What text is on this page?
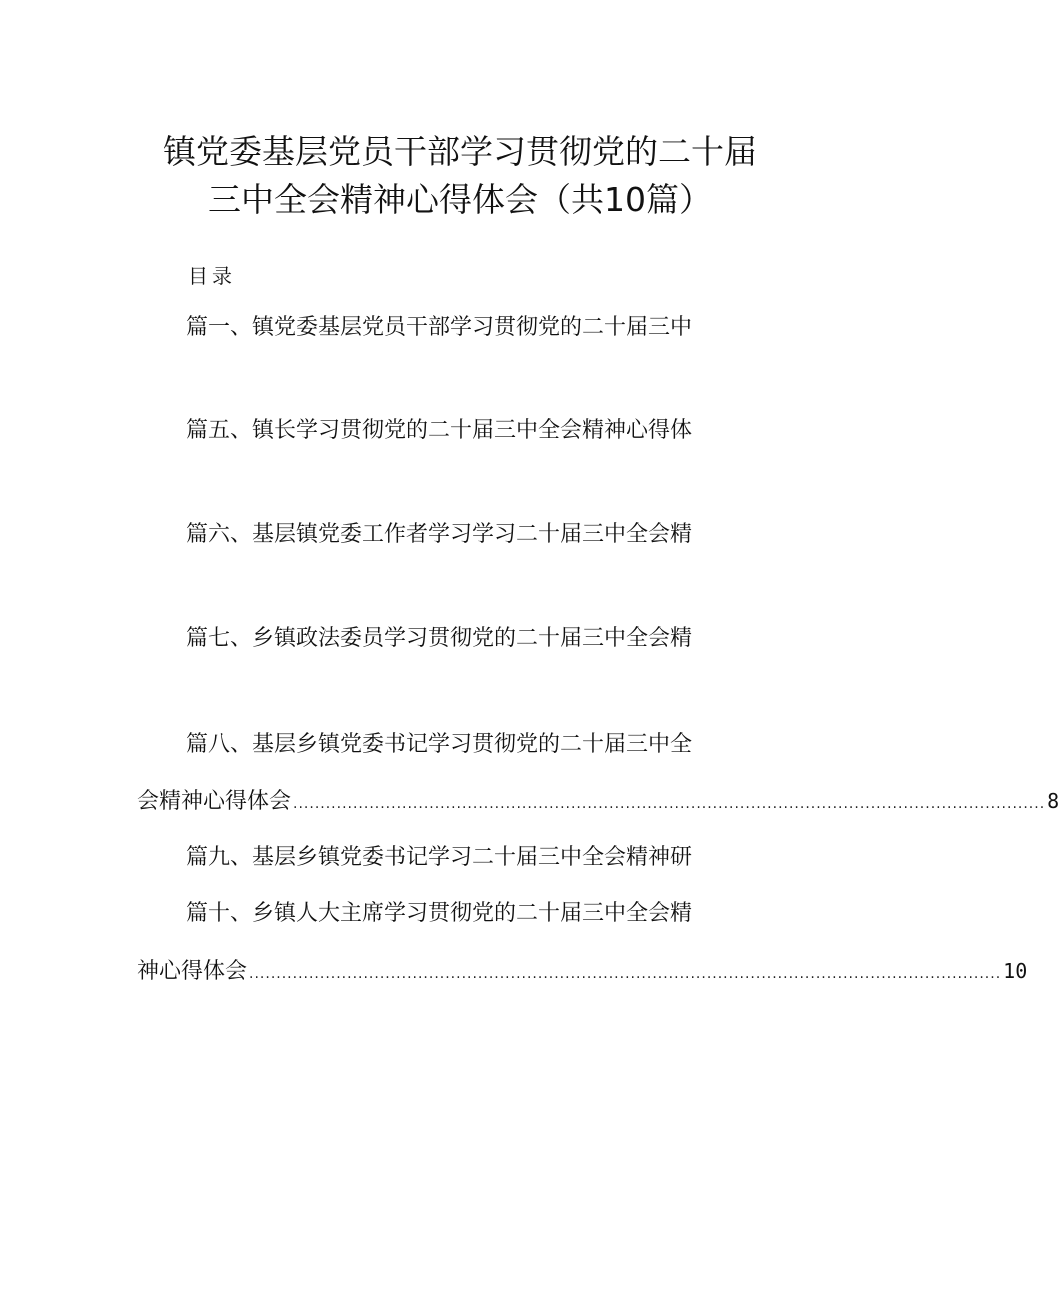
镇党委基层党员干部学习贯彻党的二十届
三中全会精神心得体会（共10篇）
目录
篇一、镇党委基层党员干部学习贯彻党的二十届三中
篇五、镇长学习贯彻党的二十届三中全会精神心得体
篇六、基层镇党委工作者学习学习二十届三中全会精
篇七、乡镇政法委员学习贯彻党的二十届三中全会精
篇八、基层乡镇党委书记学习贯彻党的二十届三中全
会精神心得体会 .......................................................................................................................................... 8
篇九、基层乡镇党委书记学习二十届三中全会精神研
篇十、乡镇人大主席学习贯彻党的二十届三中全会精
神心得体会 .......................................................................................................................................... 10
